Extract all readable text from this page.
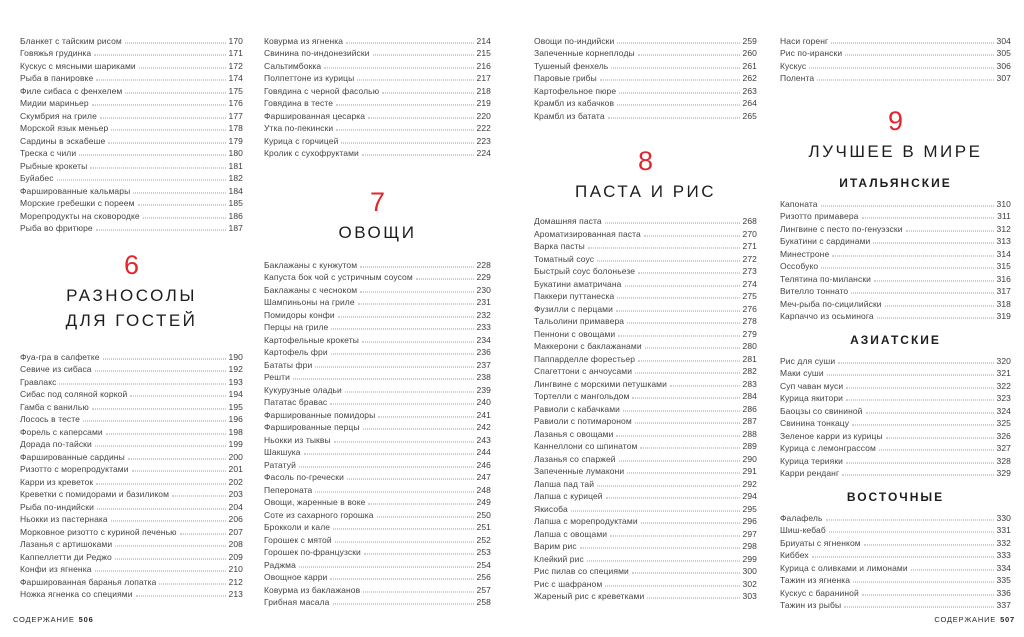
Бланкет с тайским рисом	170
Говяжья грудинка	171
Кускус с мясными шариками	172
Рыба в панировке	174
Филе сибаса с фенхелем	175
Мидии мариньер	176
Скумбрия на гриле	177
Морской язык меньер	178
Сардины в эскабеше	179
Треска с чили	180
Рыбные крокеты	181
Буйабес	182
Фаршированные кальмары	184
Морские гребешки с пореем	185
Морепродукты на сковородке	186
Рыба во фритюре	187
6
РАЗНОСОЛЫ
ДЛЯ ГОСТЕЙ
Фуа-гра в салфетке	190
Севиче из сибаса	192
Гравлакс	193
Сибас под соляной коркой	194
Гамба с ванилью	195
Лосось в тесте	196
Форель с каперсами	198
Дорада по-тайски	199
Фаршированные сардины	200
Ризотто с морепродуктами	201
Карри из креветок	202
Креветки с помидорами и базиликом	203
Рыба по-индийски	204
Ньокки из пастернака	206
Морковное ризотто с куриной печенью	207
Лазанья с артишоками	208
Каппеллетти ди Реджо	209
Конфи из ягненка	210
Фаршированная баранья лопатка	212
Ножка ягненка со специями	213
Ковурма из ягненка	214
Свинина по-индонезийски	215
Сальтимбокка	216
Полпеттоне из курицы	217
Говядина с черной фасолью	218
Говядина в тесте	219
Фаршированная цесарка	220
Утка по-пекински	222
Курица с горчицей	223
Кролик с сухофруктами	224
7
ОВОЩИ
Баклажаны с кунжутом	228
Капуста бок чой с устричным соусом	229
Баклажаны с чесноком	230
Шампиньоны на гриле	231
Помидоры конфи	232
Перцы на гриле	233
Картофельные крокеты	234
Картофель фри	236
Бататы фри	237
Решти	238
Кукурузные оладьи	239
Пататас бравас	240
Фаршированные помидоры	241
Фаршированные перцы	242
Ньокки из тыквы	243
Шакшука	244
Рататуй	246
Фасоль по-гречески	247
Пепероната	248
Овощи, жаренные в воке	249
Соте из сахарного горошка	250
Брокколи и кале	251
Горошек с мятой	252
Горошек по-французски	253
Раджма	254
Овощное карри	256
Ковурма из баклажанов	257
Грибная масала	258
Овощи по-индийски	259
Запеченные корнеплоды	260
Тушеный фенхель	261
Паровые грибы	262
Картофельное пюре	263
Крамбл из кабачков	264
Крамбл из батата	265
8
ПАСТА И РИС
Домашняя паста	268
Ароматизированная паста	270
Варка пасты	271
Томатный соус	272
Быстрый соус болоньезе	273
Букатини аматричана	274
Паккери путтанеска	275
Фузилли с перцами	276
Тальолини примавера	278
Пеннони с овощами	279
Маккерони с баклажанами	280
Паппарделле форестьер	281
Спагеттони с анчоусами	282
Лингвине с морскими петушками	283
Тортелли с мангольдом	284
Равиоли с кабачками	286
Равиоли с потимароном	287
Лазанья с овощами	288
Каннеллони со шпинатом	289
Лазанья со спаржей	290
Запеченные лумакони	291
Лапша пад тай	292
Лапша с курицей	294
Якисоба	295
Лапша с морепродуктами	296
Лапша с овощами	297
Варим рис	298
Клейкий рис	299
Рис пилав со специями	300
Рис с шафраном	302
Жареный рис с креветками	303
Наси горенг	304
Рис по-ирански	305
Кускус	306
Полента	307
9
ЛУЧШЕЕ В МИРЕ
ИТАЛЬЯНСКИЕ
Капоната	310
Ризотто примавера	311
Лингвине с песто по-генуэзски	312
Букатини с сардинами	313
Минестроне	314
Оссобуко	315
Телятина по-милански	316
Вителло тоннато	317
Меч-рыба по-сицилийски	318
Карпаччо из осьминога	319
АЗИАТСКИЕ
Рис для суши	320
Маки суши	321
Суп чаван муси	322
Курица якитори	323
Баоцзы со свининой	324
Свинина тонкацу	325
Зеленое карри из курицы	326
Курица с лемонграссом	327
Курица терияки	328
Карри ренданг	329
ВОСТОЧНЫЕ
Фалафель	330
Шиш-кебаб	331
Бриуаты с ягненком	332
Киббех	333
Курица с оливками и лимонами	334
Тажин из ягненка	335
Кускус с бараниной	336
Тажин из рыбы	337
СОДЕРЖАНИЕ 506	СОДЕРЖАНИЕ 507
